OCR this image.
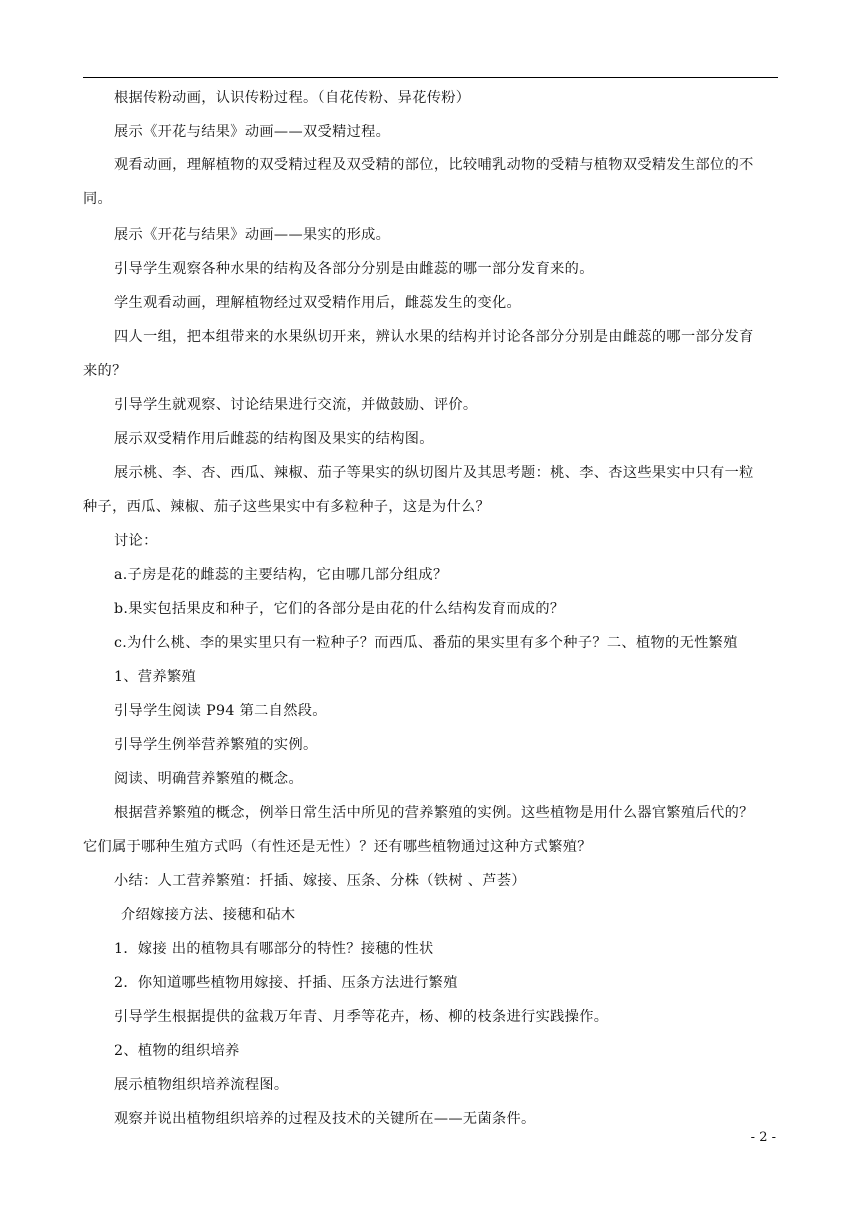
根据传粉动画，认识传粉过程。（自花传粉、异花传粉）
展示《开花与结果》动画——双受精过程。
观看动画，理解植物的双受精过程及双受精的部位，比较哺乳动物的受精与植物双受精发生部位的不
同。
展示《开花与结果》动画——果实的形成。
引导学生观察各种水果的结构及各部分分别是由雌蕊的哪一部分发育来的。
学生观看动画，理解植物经过双受精作用后，雌蕊发生的变化。
四人一组，把本组带来的水果纵切开来，辨认水果的结构并讨论各部分分别是由雌蕊的哪一部分发育
来的？
引导学生就观察、讨论结果进行交流，并做鼓励、评价。
展示双受精作用后雌蕊的结构图及果实的结构图。
展示桃、李、杏、西瓜、辣椒、茄子等果实的纵切图片及其思考题：桃、李、杏这些果实中只有一粒
种子，西瓜、辣椒、茄子这些果实中有多粒种子，这是为什么？
讨论：
a.子房是花的雌蕊的主要结构，它由哪几部分组成？
b.果实包括果皮和种子，它们的各部分是由花的什么结构发育而成的？
c.为什么桃、李的果实里只有一粒种子？而西瓜、番茄的果实里有多个种子？二、植物的无性繁殖
1、营养繁殖
引导学生阅读 P94 第二自然段。
引导学生例举营养繁殖的实例。
阅读、明确营养繁殖的概念。
根据营养繁殖的概念，例举日常生活中所见的营养繁殖的实例。这些植物是用什么器官繁殖后代的？
它们属于哪种生殖方式吗（有性还是无性）？还有哪些植物通过这种方式繁殖？
小结：人工营养繁殖：扦插、嫁接、压条、分株（铁树 、芦荟）
介绍嫁接方法、接穗和砧木
1．嫁接 出的植物具有哪部分的特性？接穗的性状
2．你知道哪些植物用嫁接、扦插、压条方法进行繁殖
引导学生根据提供的盆栽万年青、月季等花卉，杨、柳的枝条进行实践操作。
2、植物的组织培养
展示植物组织培养流程图。
观察并说出植物组织培养的过程及技术的关键所在——无菌条件。
- 2 -
